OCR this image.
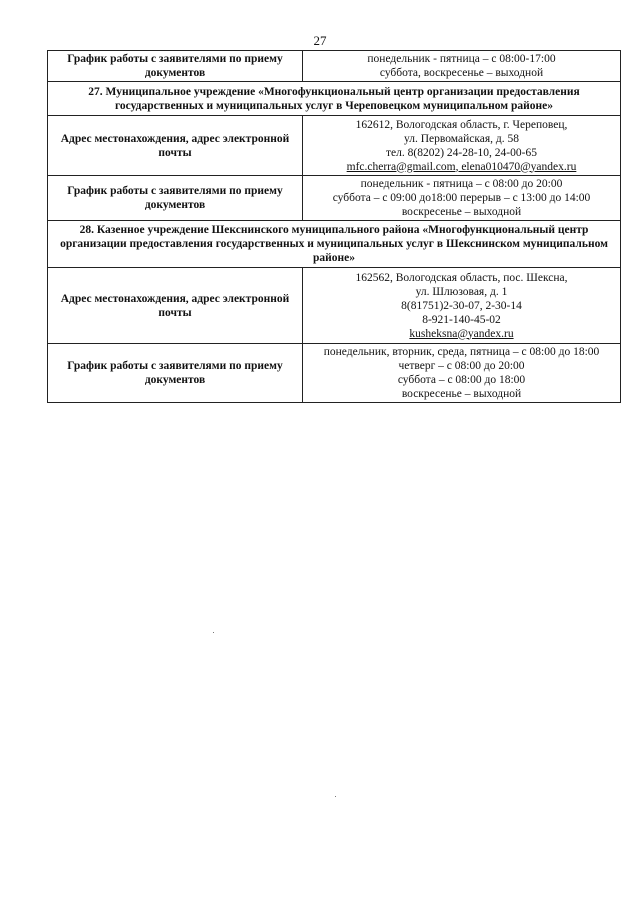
27
График работы с заявителями по приему документов	понедельник - пятница – с 08:00-17:00
суббота, воскресенье – выходной

27. Муниципальное учреждение «Многофункциональный центр организации предоставления государственных и муниципальных услуг в Череповецком муниципальном районе»	
Адрес местонахождения, адрес электронной почты	162612, Вологодская область, г. Череповец,
ул. Первомайская, д. 58
тел. 8(8202) 24-28-10, 24-00-65
mfc.cherra@gmail.com, elena010470@yandex.ru

График работы с заявителями по приему документов	понедельник - пятница – с 08:00 до 20:00
суббота – с 09:00 до18:00 перерыв – с 13:00 до 14:00
воскресенье – выходной

28. Казенное учреждение Шекснинского муниципального района «Многофункциональный центр организации предоставления государственных и муниципальных услуг в Шекснинском муниципальном районе»	
Адрес местонахождения, адрес электронной почты	162562, Вологодская область, пос. Шексна,
ул. Шлюзовая, д. 1
8(81751)2-30-07, 2-30-14
8-921-140-45-02
kusheksna@yandex.ru

График работы с заявителями по приему документов	понедельник, вторник, среда, пятница – с 08:00 до 18:00
четверг – с 08:00 до 20:00
суббота – с 08:00 до 18:00
воскресенье – выходной
